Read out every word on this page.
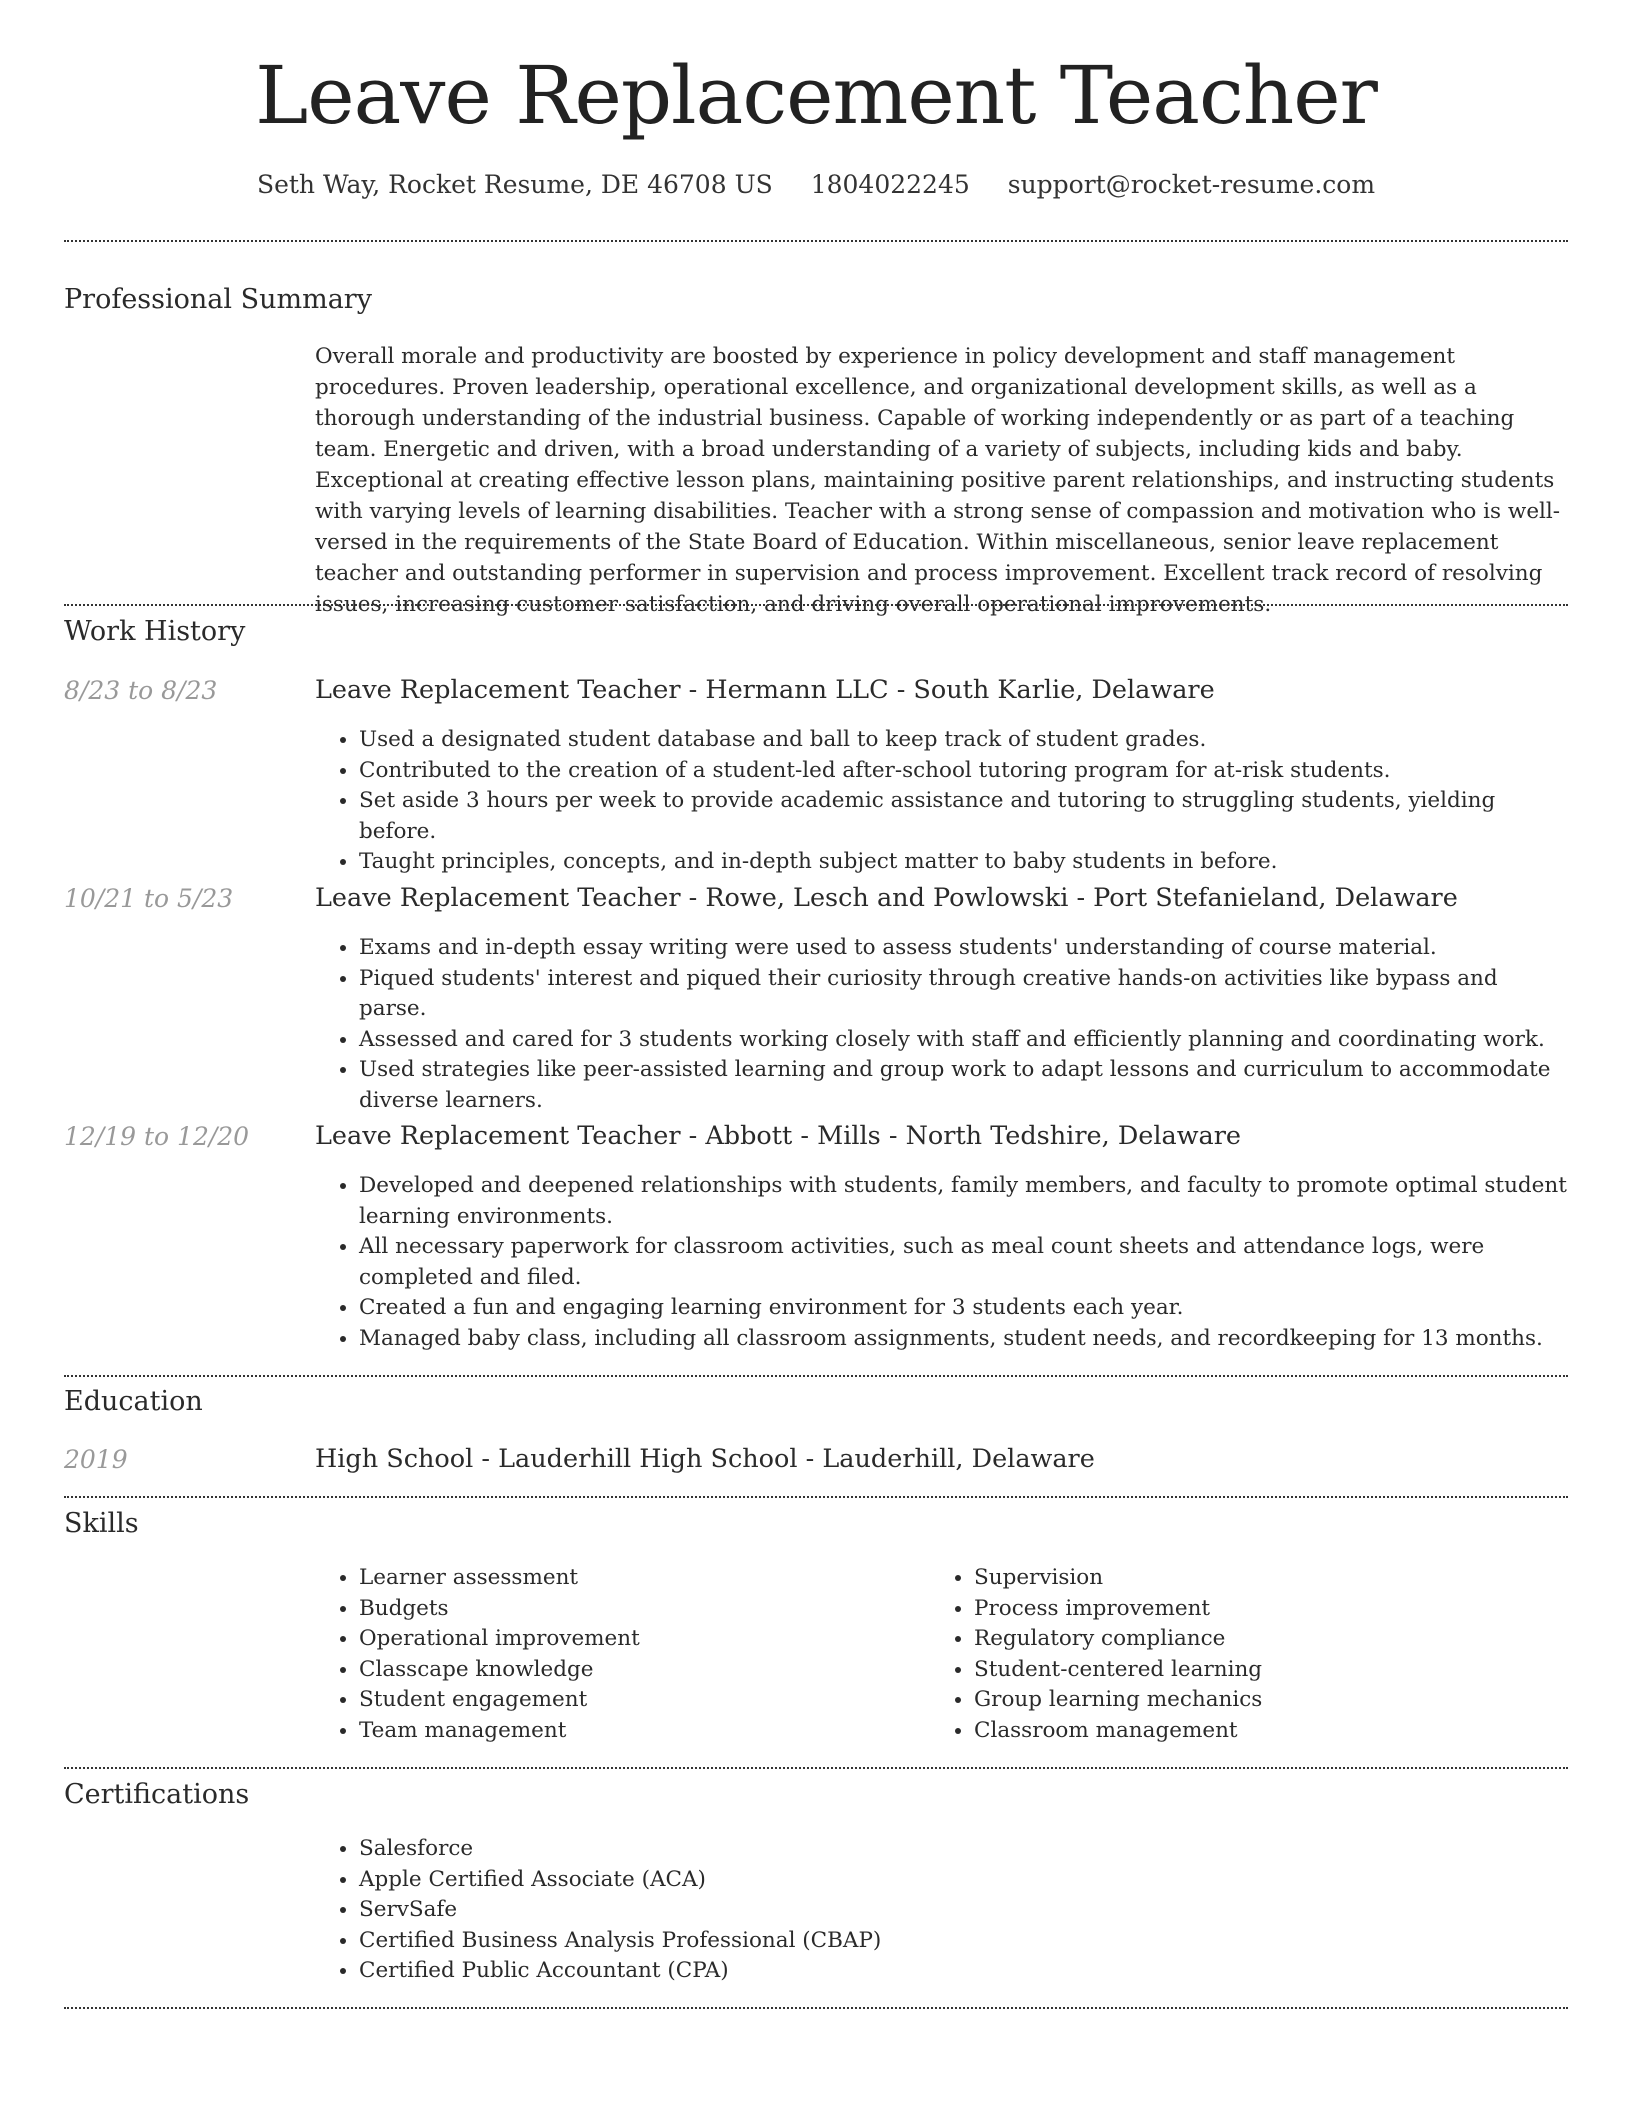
Leave Replacement Teacher
Seth Way, Rocket Resume, DE 46708 US 1804022245 support@rocket-resume.com
Professional Summary

Overall morale and productivity are boosted by experience in policy development and staff management procedures. Proven leadership, operational excellence, and organizational development skills, as well as a thorough understanding of the industrial business. Capable of working independently or as part of a teaching team. Energetic and driven, with a broad understanding of a variety of subjects, including kids and baby. Exceptional at creating effective lesson plans, maintaining positive parent relationships, and instructing students with varying levels of learning disabilities. Teacher with a strong sense of compassion and motivation who is well-versed in the requirements of the State Board of Education. Within miscellaneous, senior leave replacement teacher and outstanding performer in supervision and process improvement. Excellent track record of resolving issues, increasing customer satisfaction, and driving overall operational improvements.

Work History
8/23 to 8/23	Leave Replacement Teacher - Hermann LLC - South Karlie, Delaware
• Used a designated student database and ball to keep track of student grades.
• Contributed to the creation of a student-led after-school tutoring program for at-risk students.
• Set aside 3 hours per week to provide academic assistance and tutoring to struggling students, yielding before.
• Taught principles, concepts, and in-depth subject matter to baby students in before.
10/21 to 5/23	Leave Replacement Teacher - Rowe, Lesch and Powlowski - Port Stefanieland, Delaware
• Exams and in-depth essay writing were used to assess students' understanding of course material.
• Piqued students' interest and piqued their curiosity through creative hands-on activities like bypass and parse.
• Assessed and cared for 3 students working closely with staff and efficiently planning and coordinating work.
• Used strategies like peer-assisted learning and group work to adapt lessons and curriculum to accommodate diverse learners.
12/19 to 12/20	Leave Replacement Teacher - Abbott - Mills - North Tedshire, Delaware
• Developed and deepened relationships with students, family members, and faculty to promote optimal student learning environments.
• All necessary paperwork for classroom activities, such as meal count sheets and attendance logs, were completed and filed.
• Created a fun and engaging learning environment for 3 students each year.
• Managed baby class, including all classroom assignments, student needs, and recordkeeping for 13 months.
Education
2019	High School - Lauderhill High School - Lauderhill, Delaware
Skills
• Learner assessment
• Budgets
• Operational improvement
• Classcape knowledge
• Student engagement
• Team management
• Supervision
• Process improvement
• Regulatory compliance
• Student-centered learning
• Group learning mechanics
• Classroom management
Certifications
• Salesforce
• Apple Certified Associate (ACA)
• ServSafe
• Certified Business Analysis Professional (CBAP)
• Certified Public Accountant (CPA)
